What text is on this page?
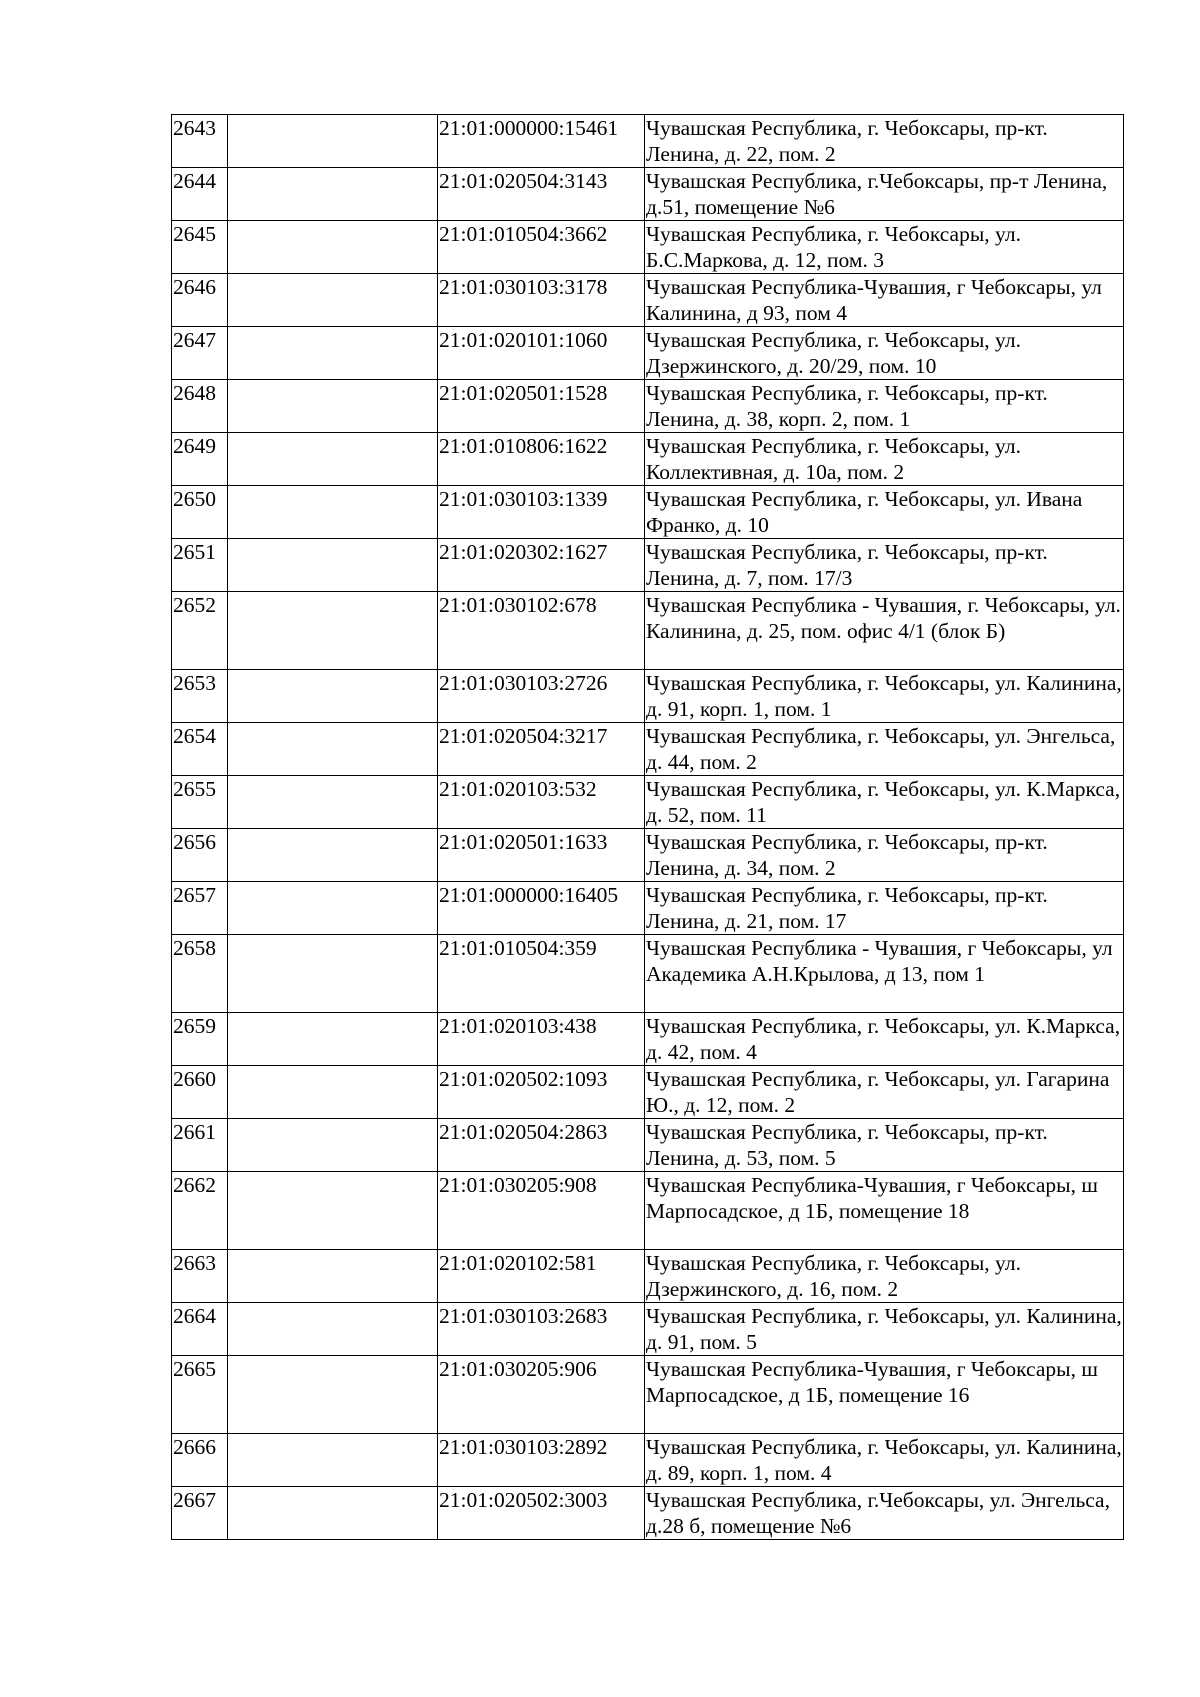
2643		21:01:000000:15461	Чувашская Республика, г. Чебоксары, пр-кт. Ленина, д. 22, пом. 2
2644		21:01:020504:3143	Чувашская Республика, г.Чебоксары, пр-т Ленина, д.51, помещение №6
2645		21:01:010504:3662	Чувашская Республика, г. Чебоксары, ул. Б.С.Маркова, д. 12, пом. 3
2646		21:01:030103:3178	Чувашская Республика-Чувашия, г Чебоксары, ул Калинина, д 93, пом 4
2647		21:01:020101:1060	Чувашская Республика, г. Чебоксары, ул. Дзержинского, д. 20/29, пом. 10
2648		21:01:020501:1528	Чувашская Республика, г. Чебоксары, пр-кт. Ленина, д. 38, корп. 2, пом. 1
2649		21:01:010806:1622	Чувашская Республика, г. Чебоксары, ул. Коллективная, д. 10а, пом. 2
2650		21:01:030103:1339	Чувашская Республика, г. Чебоксары, ул. Ивана Франко, д. 10
2651		21:01:020302:1627	Чувашская Республика, г. Чебоксары, пр-кт. Ленина, д. 7, пом. 17/3
2652		21:01:030102:678	Чувашская Республика - Чувашия, г. Чебоксары, ул. Калинина, д. 25, пом. офис 4/1 (блок Б)
2653		21:01:030103:2726	Чувашская Республика, г. Чебоксары, ул. Калинина, д. 91, корп. 1, пом. 1
2654		21:01:020504:3217	Чувашская Республика, г. Чебоксары, ул. Энгельса, д. 44, пом. 2
2655		21:01:020103:532	Чувашская Республика, г. Чебоксары, ул. К.Маркса, д. 52, пом. 11
2656		21:01:020501:1633	Чувашская Республика, г. Чебоксары, пр-кт. Ленина, д. 34, пом. 2
2657		21:01:000000:16405	Чувашская Республика, г. Чебоксары, пр-кт. Ленина, д. 21, пом. 17
2658		21:01:010504:359	Чувашская Республика - Чувашия, г Чебоксары, ул Академика А.Н.Крылова, д 13, пом 1
2659		21:01:020103:438	Чувашская Республика, г. Чебоксары, ул. К.Маркса, д. 42, пом. 4
2660		21:01:020502:1093	Чувашская Республика, г. Чебоксары, ул. Гагарина Ю., д. 12, пом. 2
2661		21:01:020504:2863	Чувашская Республика, г. Чебоксары, пр-кт. Ленина, д. 53, пом. 5
2662		21:01:030205:908	Чувашская Республика-Чувашия, г Чебоксары, ш Марпосадское, д 1Б, помещение 18
2663		21:01:020102:581	Чувашская Республика, г. Чебоксары, ул. Дзержинского, д. 16, пом. 2
2664		21:01:030103:2683	Чувашская Республика, г. Чебоксары, ул. Калинина, д. 91, пом. 5
2665		21:01:030205:906	Чувашская Республика-Чувашия, г Чебоксары, ш Марпосадское, д 1Б, помещение 16
2666		21:01:030103:2892	Чувашская Республика, г. Чебоксары, ул. Калинина, д. 89, корп. 1, пом. 4
2667		21:01:020502:3003	Чувашская Республика, г.Чебоксары, ул. Энгельса, д.28 б, помещение №6
